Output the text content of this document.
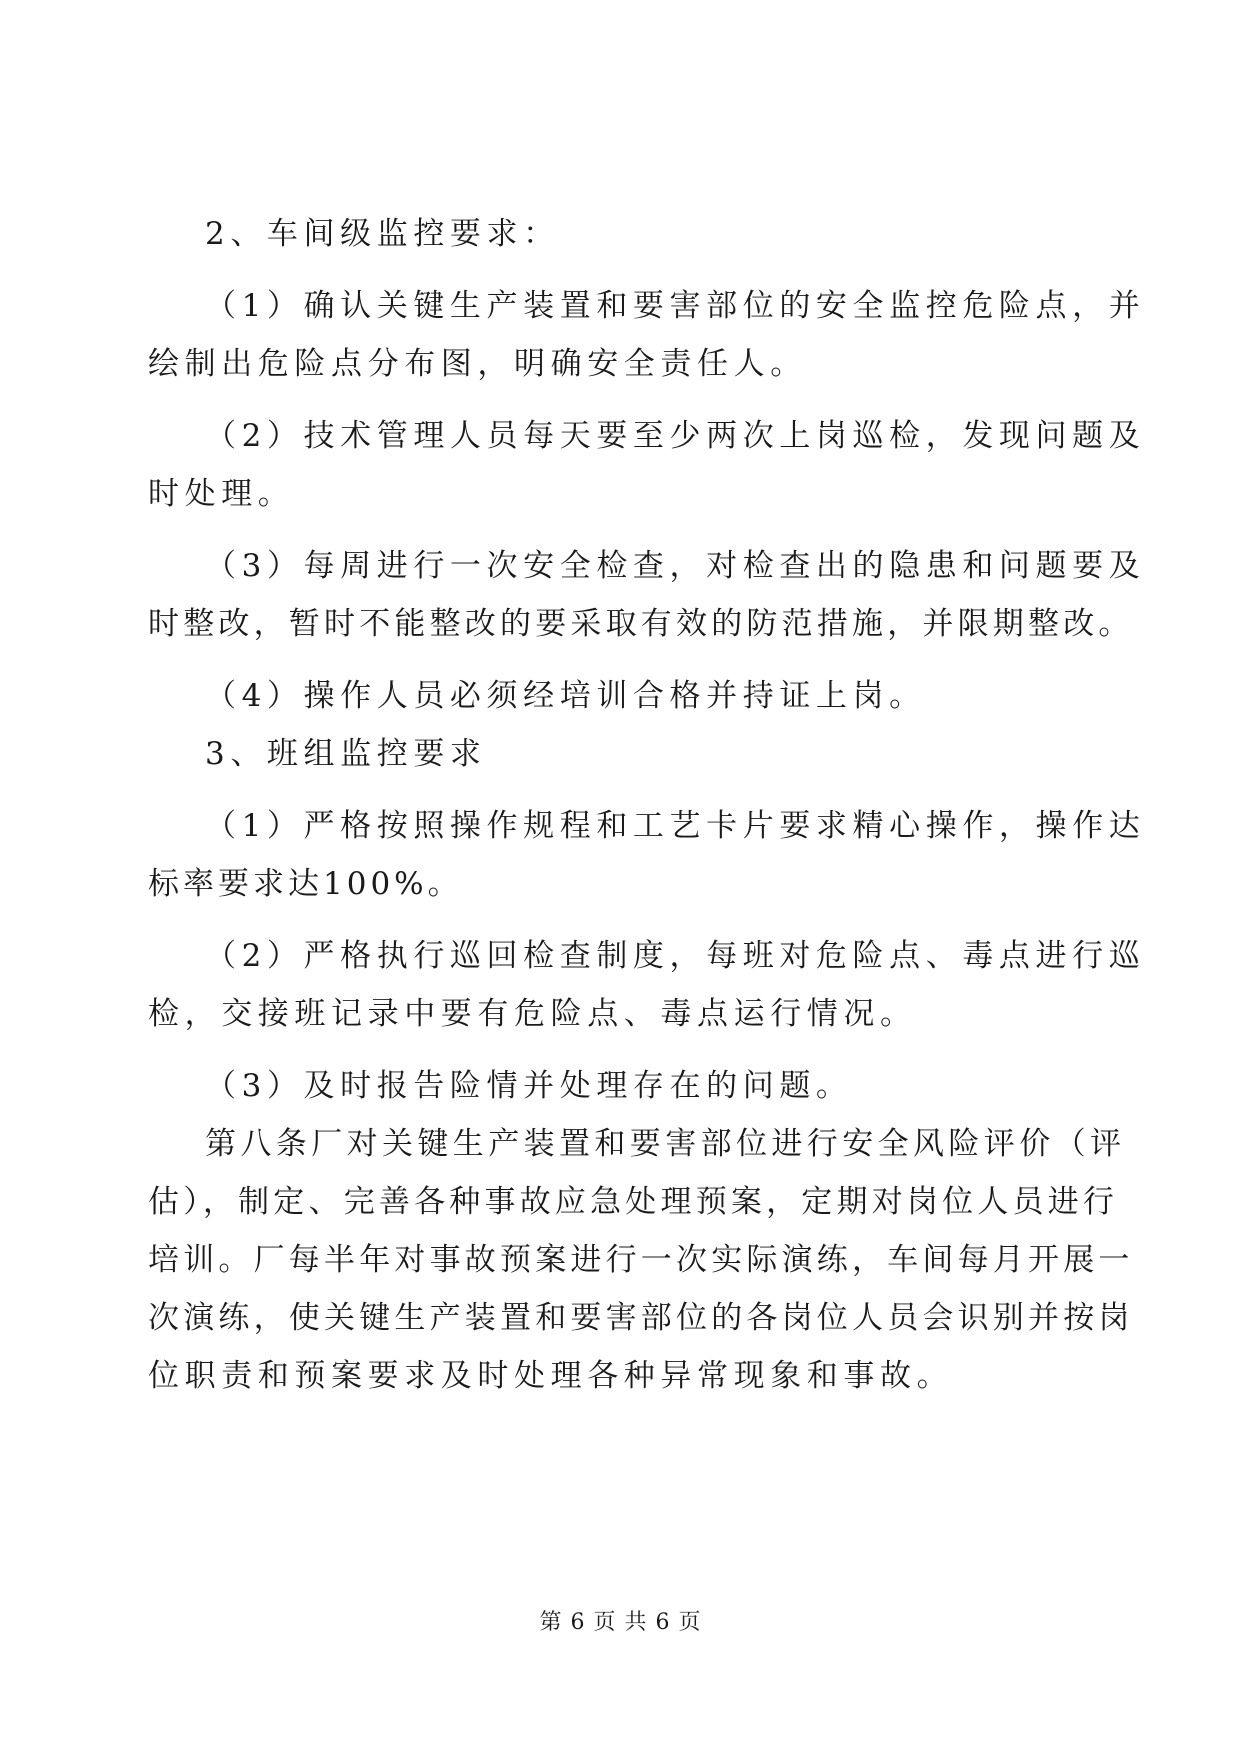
2、车间级监控要求：
（1）确认关键生产装置和要害部位的安全监控危险点，并
绘制出危险点分布图，明确安全责任人。
（2）技术管理人员每天要至少两次上岗巡检，发现问题及
时处理。
（3）每周进行一次安全检查，对检查出的隐患和问题要及
时整改，暂时不能整改的要采取有效的防范措施，并限期整改。
（4）操作人员必须经培训合格并持证上岗。
3、班组监控要求
（1）严格按照操作规程和工艺卡片要求精心操作，操作达
标率要求达100%。
（2）严格执行巡回检查制度，每班对危险点、毒点进行巡
检，交接班记录中要有危险点、毒点运行情况。
（3）及时报告险情并处理存在的问题。
第八条厂对关键生产装置和要害部位进行安全风险评价（评
估），制定、完善各种事故应急处理预案，定期对岗位人员进行
培训。厂每半年对事故预案进行一次实际演练，车间每月开展一
次演练，使关键生产装置和要害部位的各岗位人员会识别并按岗
位职责和预案要求及时处理各种异常现象和事故。
第 6 页 共 6 页
